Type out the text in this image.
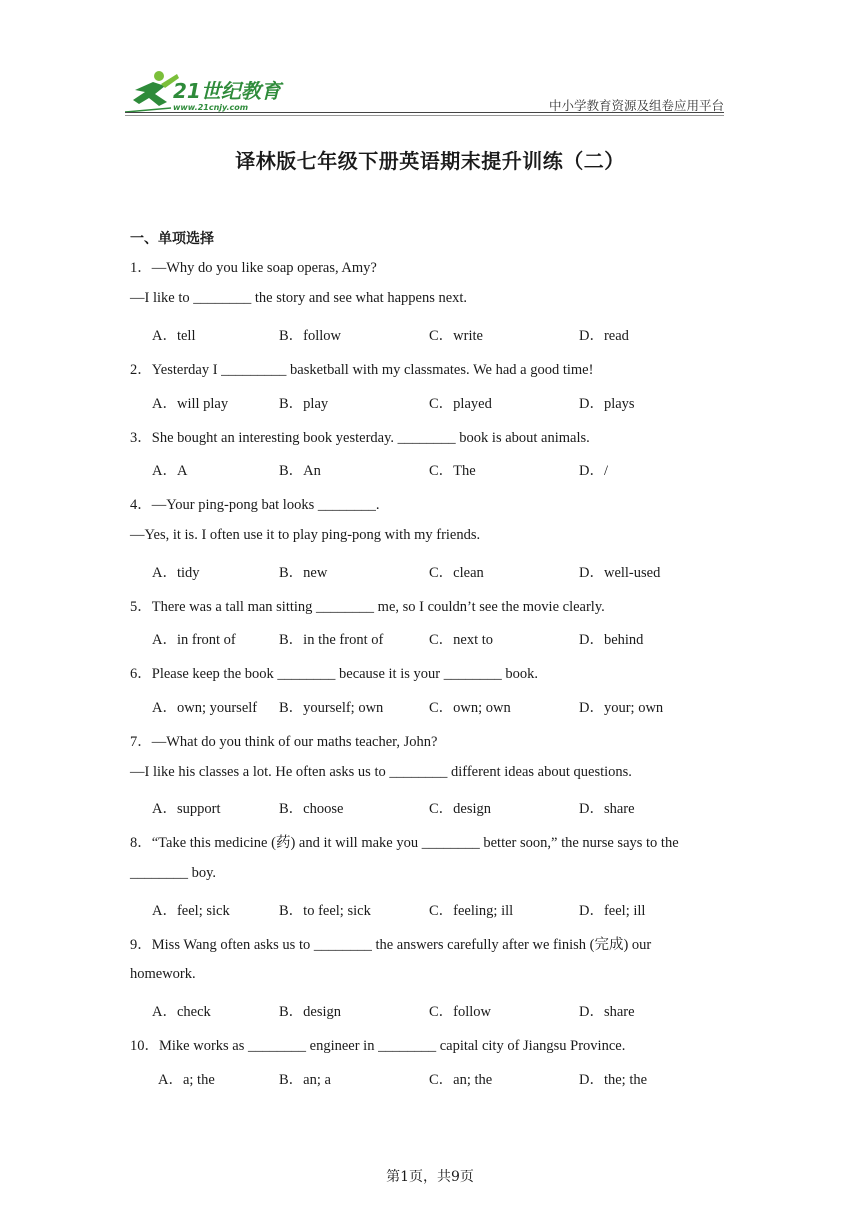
21世纪教育
www.21cnjy.com	中小学教育资源及组卷应用平台
译林版七年级下册英语期末提升训练（二）
一、单项选择
1．—Why do you like soap operas, Amy?
—I like to ________ the story and see what happens next.
A．tell	B．follow	C．write	D．read
2．Yesterday I _________ basketball with my classmates. We had a good time!
A．will play	B．play	C．played	D．plays
3．She bought an interesting book yesterday. ________ book is about animals.
A．A	B．An	C．The	D．/
4．—Your ping-pong bat looks ________.
—Yes, it is. I often use it to play ping-pong with my friends.
A．tidy	B．new	C．clean	D．well-used
5．There was a tall man sitting ________ me, so I couldn’t see the movie clearly.
A．in front of	B．in the front of	C．next to	D．behind
6．Please keep the book ________ because it is your ________ book.
A．own; yourself B．yourself; own	C．own; own	D．your; own
7．—What do you think of our maths teacher, John?
—I like his classes a lot. He often asks us to ________ different ideas about questions.
A．support	B．choose	C．design	D．share
8．“Take this medicine (药) and it will make you ________ better soon,” the nurse says to the
________ boy.
A．feel; sick	B．to feel; sick	C．feeling; ill	D．feel; ill
9．Miss Wang often asks us to ________ the answers carefully after we finish (完成) our
homework.
A．check	B．design	C．follow	D．share
10．Mike works as ________ engineer in ________ capital city of Jiangsu Province.
A．a; the	B．an; a	C．an; the	D．the; the
第1页，共9页
